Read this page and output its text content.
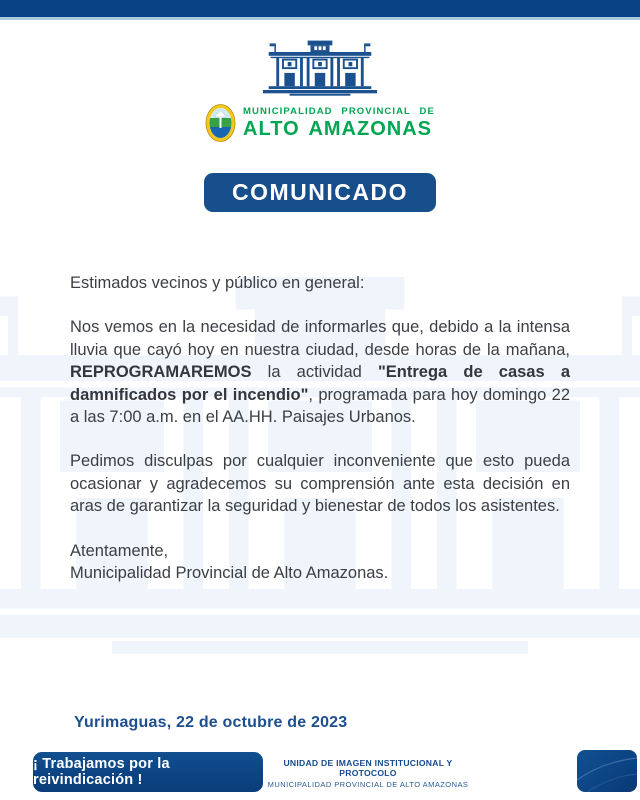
MUNICIPALIDAD PROVINCIAL DE
ALTO AMAZONAS
COMUNICADO

Estimados vecinos y público en general:

Nos vemos en la necesidad de informarles que, debido a la intensa lluvia que cayó hoy en nuestra ciudad, desde horas de la mañana, REPROGRAMAREMOS la actividad "Entrega de casas a damnificados por el incendio", programada para hoy domingo 22 a las 7:00 a.m. en el AA.HH. Paisajes Urbanos.

Pedimos disculpas por cualquier inconveniente que esto pueda ocasionar y agradecemos su comprensión ante esta decisión en aras de garantizar la seguridad y bienestar de todos los asistentes.

Atentamente,

Municipalidad Provincial de Alto Amazonas.

Yurimaguas, 22 de octubre de 2023
¡ Trabajamos por la reivindicación !
UNIDAD DE IMAGEN INSTITUCIONAL Y PROTOCOLO
MUNICIPALIDAD PROVINCIAL DE ALTO AMAZONAS
